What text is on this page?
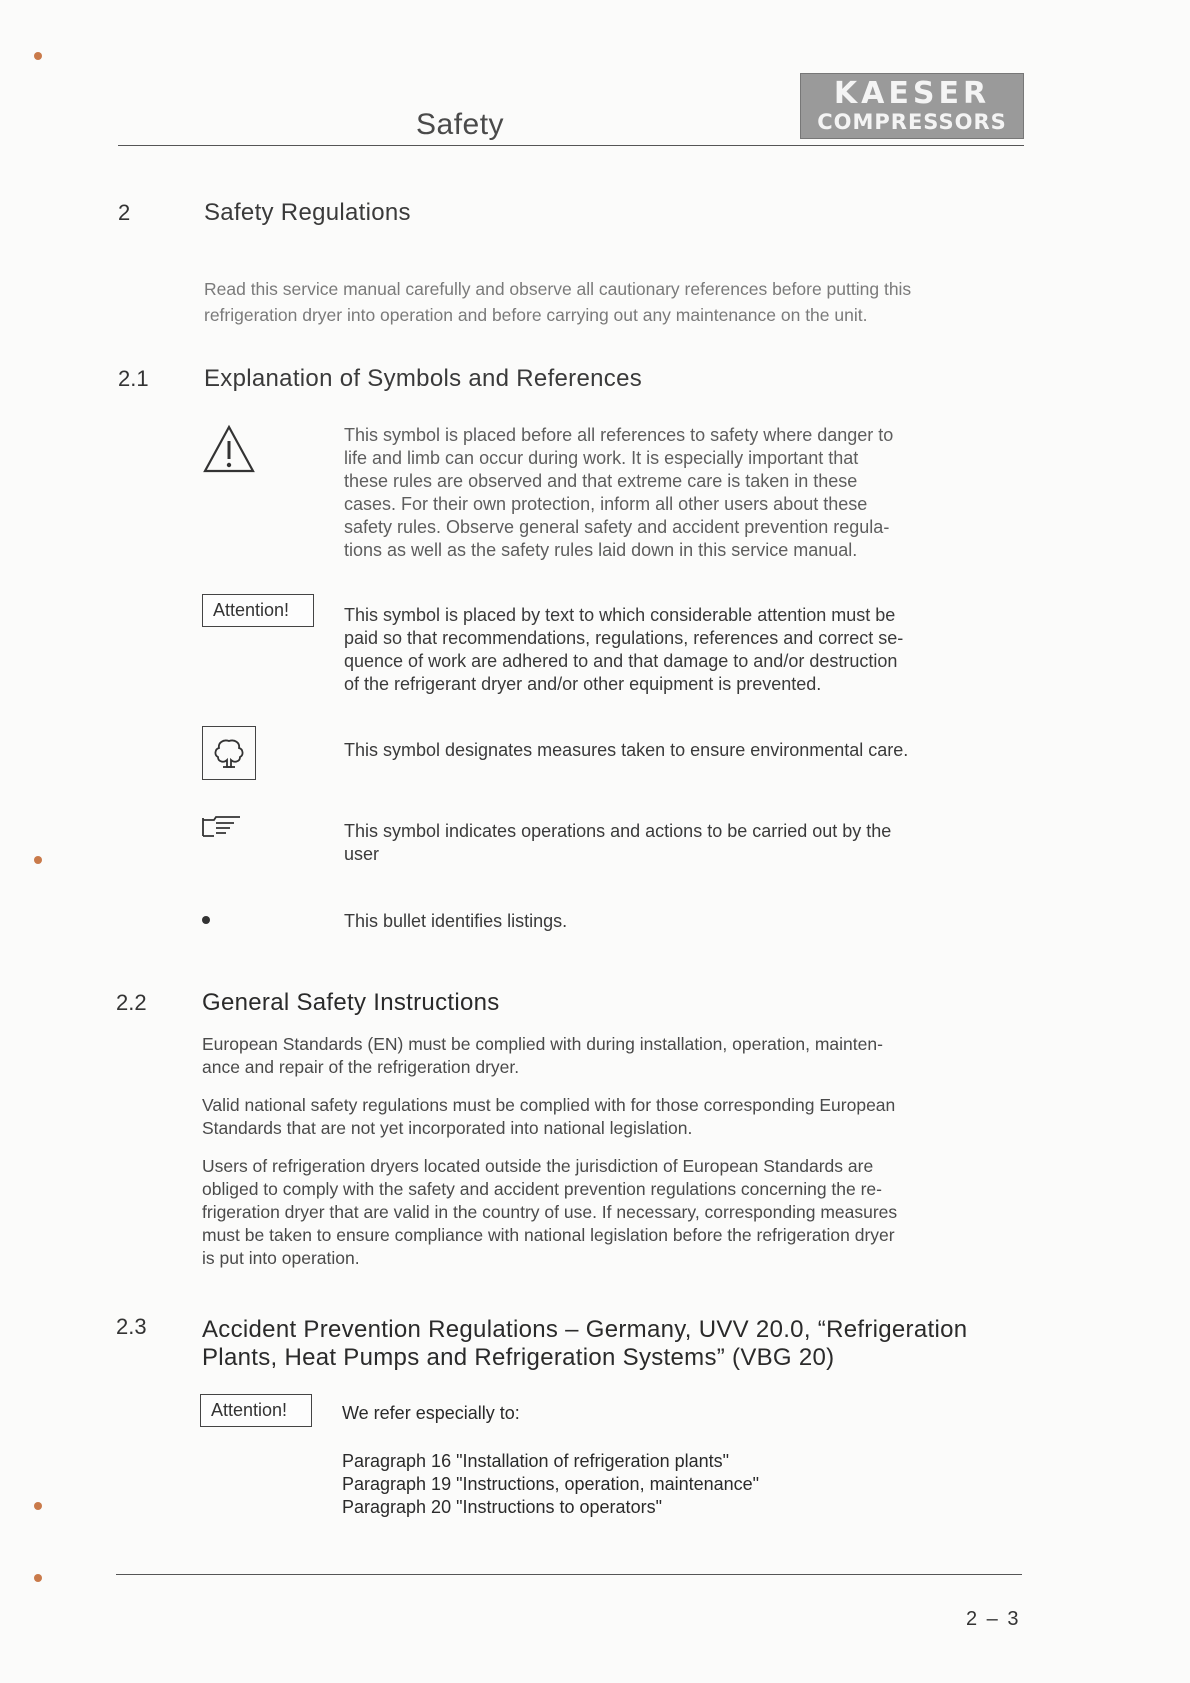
Safety
KAESER
COMPRESSORS
2	Safety Regulations
Read this service manual carefully and observe all cautionary references before putting this
refrigeration dryer into operation and before carrying out any maintenance on the unit.
2.1 Explanation of Symbols and References
This symbol is placed before all references to safety where danger to
life and limb can occur during work. It is especially important that
these rules are observed and that extreme care is taken in these
cases. For their own protection, inform all other users about these
safety rules. Observe general safety and accident prevention regula-
tions as well as the safety rules laid down in this service manual.
Attention!	This symbol is placed by text to which considerable attention must be
paid so that recommendations, regulations, references and correct se-
quence of work are adhered to and that damage to and/or destruction
of the refrigerant dryer and/or other equipment is prevented.
This symbol designates measures taken to ensure environmental care.
This symbol indicates operations and actions to be carried out by the
user
This bullet identifies listings.
2.2 General Safety Instructions
European Standards (EN) must be complied with during installation, operation, mainten-
ance and repair of the refrigeration dryer.
Valid national safety regulations must be complied with for those corresponding European
Standards that are not yet incorporated into national legislation.
Users of refrigeration dryers located outside the jurisdiction of European Standards are
obliged to comply with the safety and accident prevention regulations concerning the re-
frigeration dryer that are valid in the country of use. If necessary, corresponding measures
must be taken to ensure compliance with national legislation before the refrigeration dryer
is put into operation.
2.3 Accident Prevention Regulations – Germany, UVV 20.0, “Refrigeration
Plants, Heat Pumps and Refrigeration Systems” (VBG 20)
Attention!	We refer especially to:
Paragraph 16 "Installation of refrigeration plants"
Paragraph 19 "Instructions, operation, maintenance"
Paragraph 20 "Instructions to operators"
2 – 3
